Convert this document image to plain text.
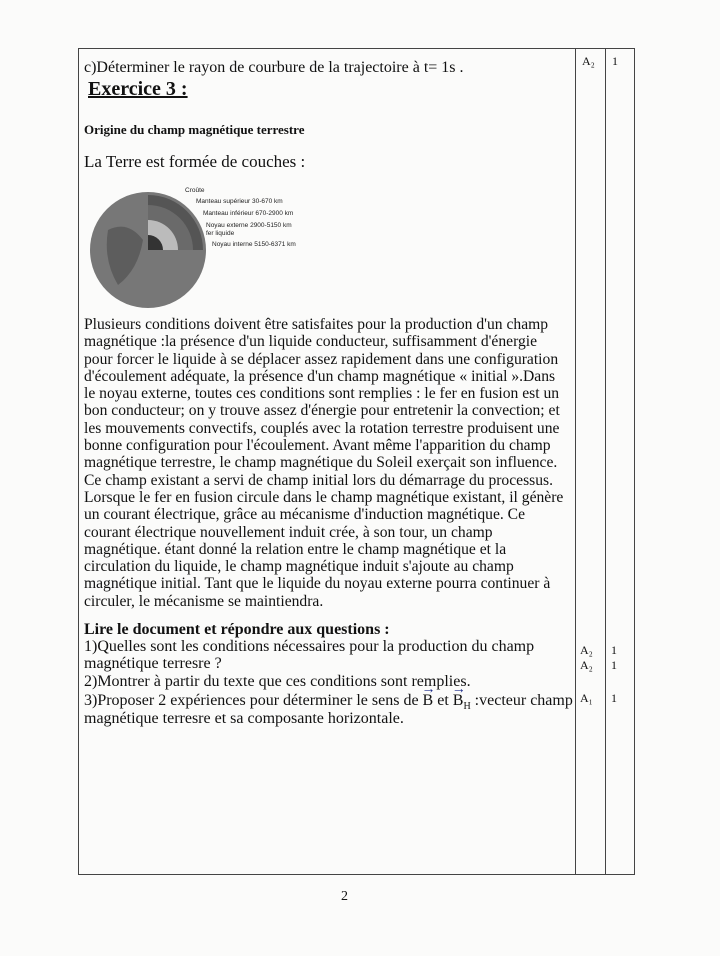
c)Déterminer le rayon de courbure de la trajectoire à t= 1s .	A₂ 1
Exercice 3 :
Origine du champ magnétique terrestre
La Terre est formée de couches :
Croûte
Manteau supérieur 30-670 km
Manteau inférieur 670-2900 km
Noyau externe 2900-5150 km
fer liquide
Noyau interne 5150-6371 km
Plusieurs conditions doivent être satisfaites pour la production d'un champ
magnétique :la présence d'un liquide conducteur, suffisamment d'énergie
pour forcer le liquide à se déplacer assez rapidement dans une configuration
d'écoulement adéquate, la présence d'un champ magnétique « initial ».Dans
le noyau externe, toutes ces conditions sont remplies : le fer en fusion est un
bon conducteur; on y trouve assez d'énergie pour entretenir la convection; et
les mouvements convectifs, couplés avec la rotation terrestre produisent une
bonne configuration pour l'écoulement. Avant même l'apparition du champ
magnétique terrestre, le champ magnétique du Soleil exerçait son influence.
Ce champ existant a servi de champ initial lors du démarrage du processus.
Lorsque le fer en fusion circule dans le champ magnétique existant, il génère
un courant électrique, grâce au mécanisme d'induction magnétique. Ce
courant électrique nouvellement induit crée, à son tour, un champ
magnétique. étant donné la relation entre le champ magnétique et la
circulation du liquide, le champ magnétique induit s'ajoute au champ
magnétique initial. Tant que le liquide du noyau externe pourra continuer à
circuler, le mécanisme se maintiendra.
Lire le document et répondre aux questions :
1)Quelles sont les conditions nécessaires pour la production du champ
magnétique terresre ?
2)Montrer à partir du texte que ces conditions sont remplies.
3)Proposer 2 expériences pour déterminer le sens de → B et → $B_H$ :vecteur champ
magnétique terresre et sa composante horizontale.
A₂ 1
A₂ 1
A₁ 1
2
